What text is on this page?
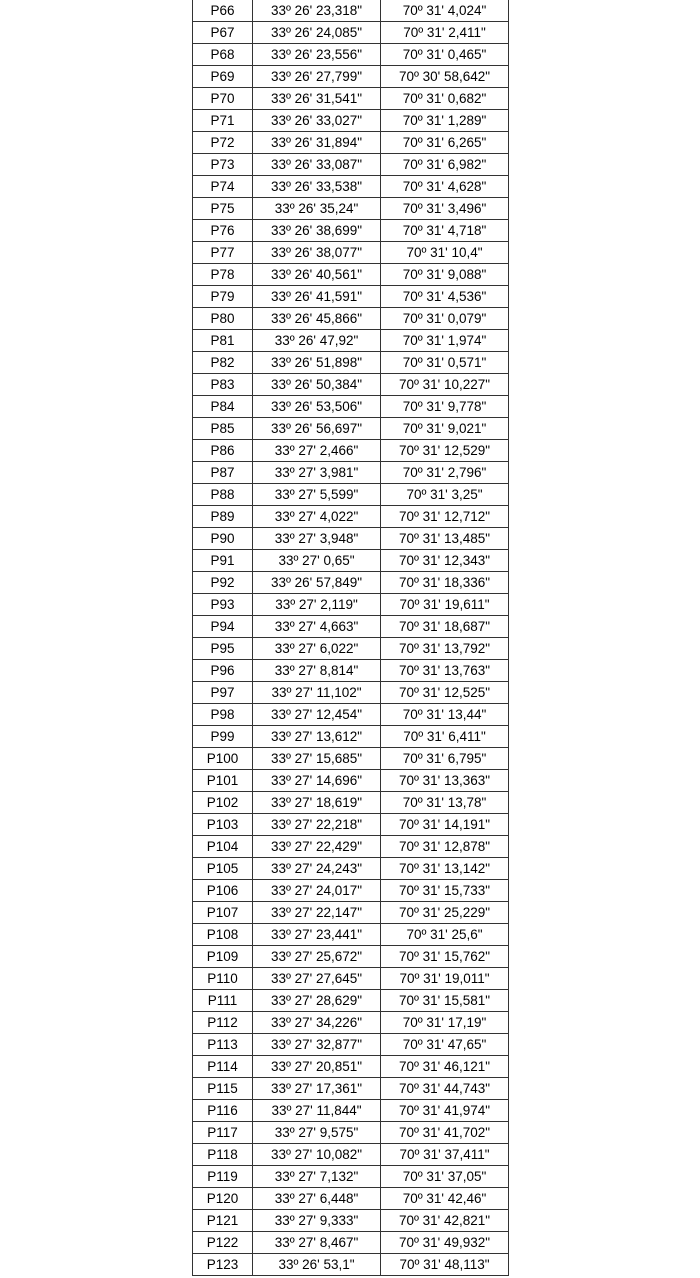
P66	33º 26' 23,318"	70º 31' 4,024"
P67	33º 26' 24,085"	70º 31' 2,411"
P68	33º 26' 23,556"	70º 31' 0,465"
P69	33º 26' 27,799"	70º 30' 58,642"
P70	33º 26' 31,541"	70º 31' 0,682"
P71	33º 26' 33,027"	70º 31' 1,289"
P72	33º 26' 31,894"	70º 31' 6,265"
P73	33º 26' 33,087"	70º 31' 6,982"
P74	33º 26' 33,538"	70º 31' 4,628"
P75	33º 26' 35,24"	70º 31' 3,496"
P76	33º 26' 38,699"	70º 31' 4,718"
P77	33º 26' 38,077"	70º 31' 10,4"
P78	33º 26' 40,561"	70º 31' 9,088"
P79	33º 26' 41,591"	70º 31' 4,536"
P80	33º 26' 45,866"	70º 31' 0,079"
P81	33º 26' 47,92"	70º 31' 1,974"
P82	33º 26' 51,898"	70º 31' 0,571"
P83	33º 26' 50,384"	70º 31' 10,227"
P84	33º 26' 53,506"	70º 31' 9,778"
P85	33º 26' 56,697"	70º 31' 9,021"
P86	33º 27' 2,466"	70º 31' 12,529"
P87	33º 27' 3,981"	70º 31' 2,796"
P88	33º 27' 5,599"	70º 31' 3,25"
P89	33º 27' 4,022"	70º 31' 12,712"
P90	33º 27' 3,948"	70º 31' 13,485"
P91	33º 27' 0,65"	70º 31' 12,343"
P92	33º 26' 57,849"	70º 31' 18,336"
P93	33º 27' 2,119"	70º 31' 19,611"
P94	33º 27' 4,663"	70º 31' 18,687"
P95	33º 27' 6,022"	70º 31' 13,792"
P96	33º 27' 8,814"	70º 31' 13,763"
P97	33º 27' 11,102"	70º 31' 12,525"
P98	33º 27' 12,454"	70º 31' 13,44"
P99	33º 27' 13,612"	70º 31' 6,411"
P100	33º 27' 15,685"	70º 31' 6,795"
P101	33º 27' 14,696"	70º 31' 13,363"
P102	33º 27' 18,619"	70º 31' 13,78"
P103	33º 27' 22,218"	70º 31' 14,191"
P104	33º 27' 22,429"	70º 31' 12,878"
P105	33º 27' 24,243"	70º 31' 13,142"
P106	33º 27' 24,017"	70º 31' 15,733"
P107	33º 27' 22,147"	70º 31' 25,229"
P108	33º 27' 23,441"	70º 31' 25,6"
P109	33º 27' 25,672"	70º 31' 15,762"
P110	33º 27' 27,645"	70º 31' 19,011"
P111	33º 27' 28,629"	70º 31' 15,581"
P112	33º 27' 34,226"	70º 31' 17,19"
P113	33º 27' 32,877"	70º 31' 47,65"
P114	33º 27' 20,851"	70º 31' 46,121"
P115	33º 27' 17,361"	70º 31' 44,743"
P116	33º 27' 11,844"	70º 31' 41,974"
P117	33º 27' 9,575"	70º 31' 41,702"
P118	33º 27' 10,082"	70º 31' 37,411"
P119	33º 27' 7,132"	70º 31' 37,05"
P120	33º 27' 6,448"	70º 31' 42,46"
P121	33º 27' 9,333"	70º 31' 42,821"
P122	33º 27' 8,467"	70º 31' 49,932"
P123	33º 26' 53,1"	70º 31' 48,113"
